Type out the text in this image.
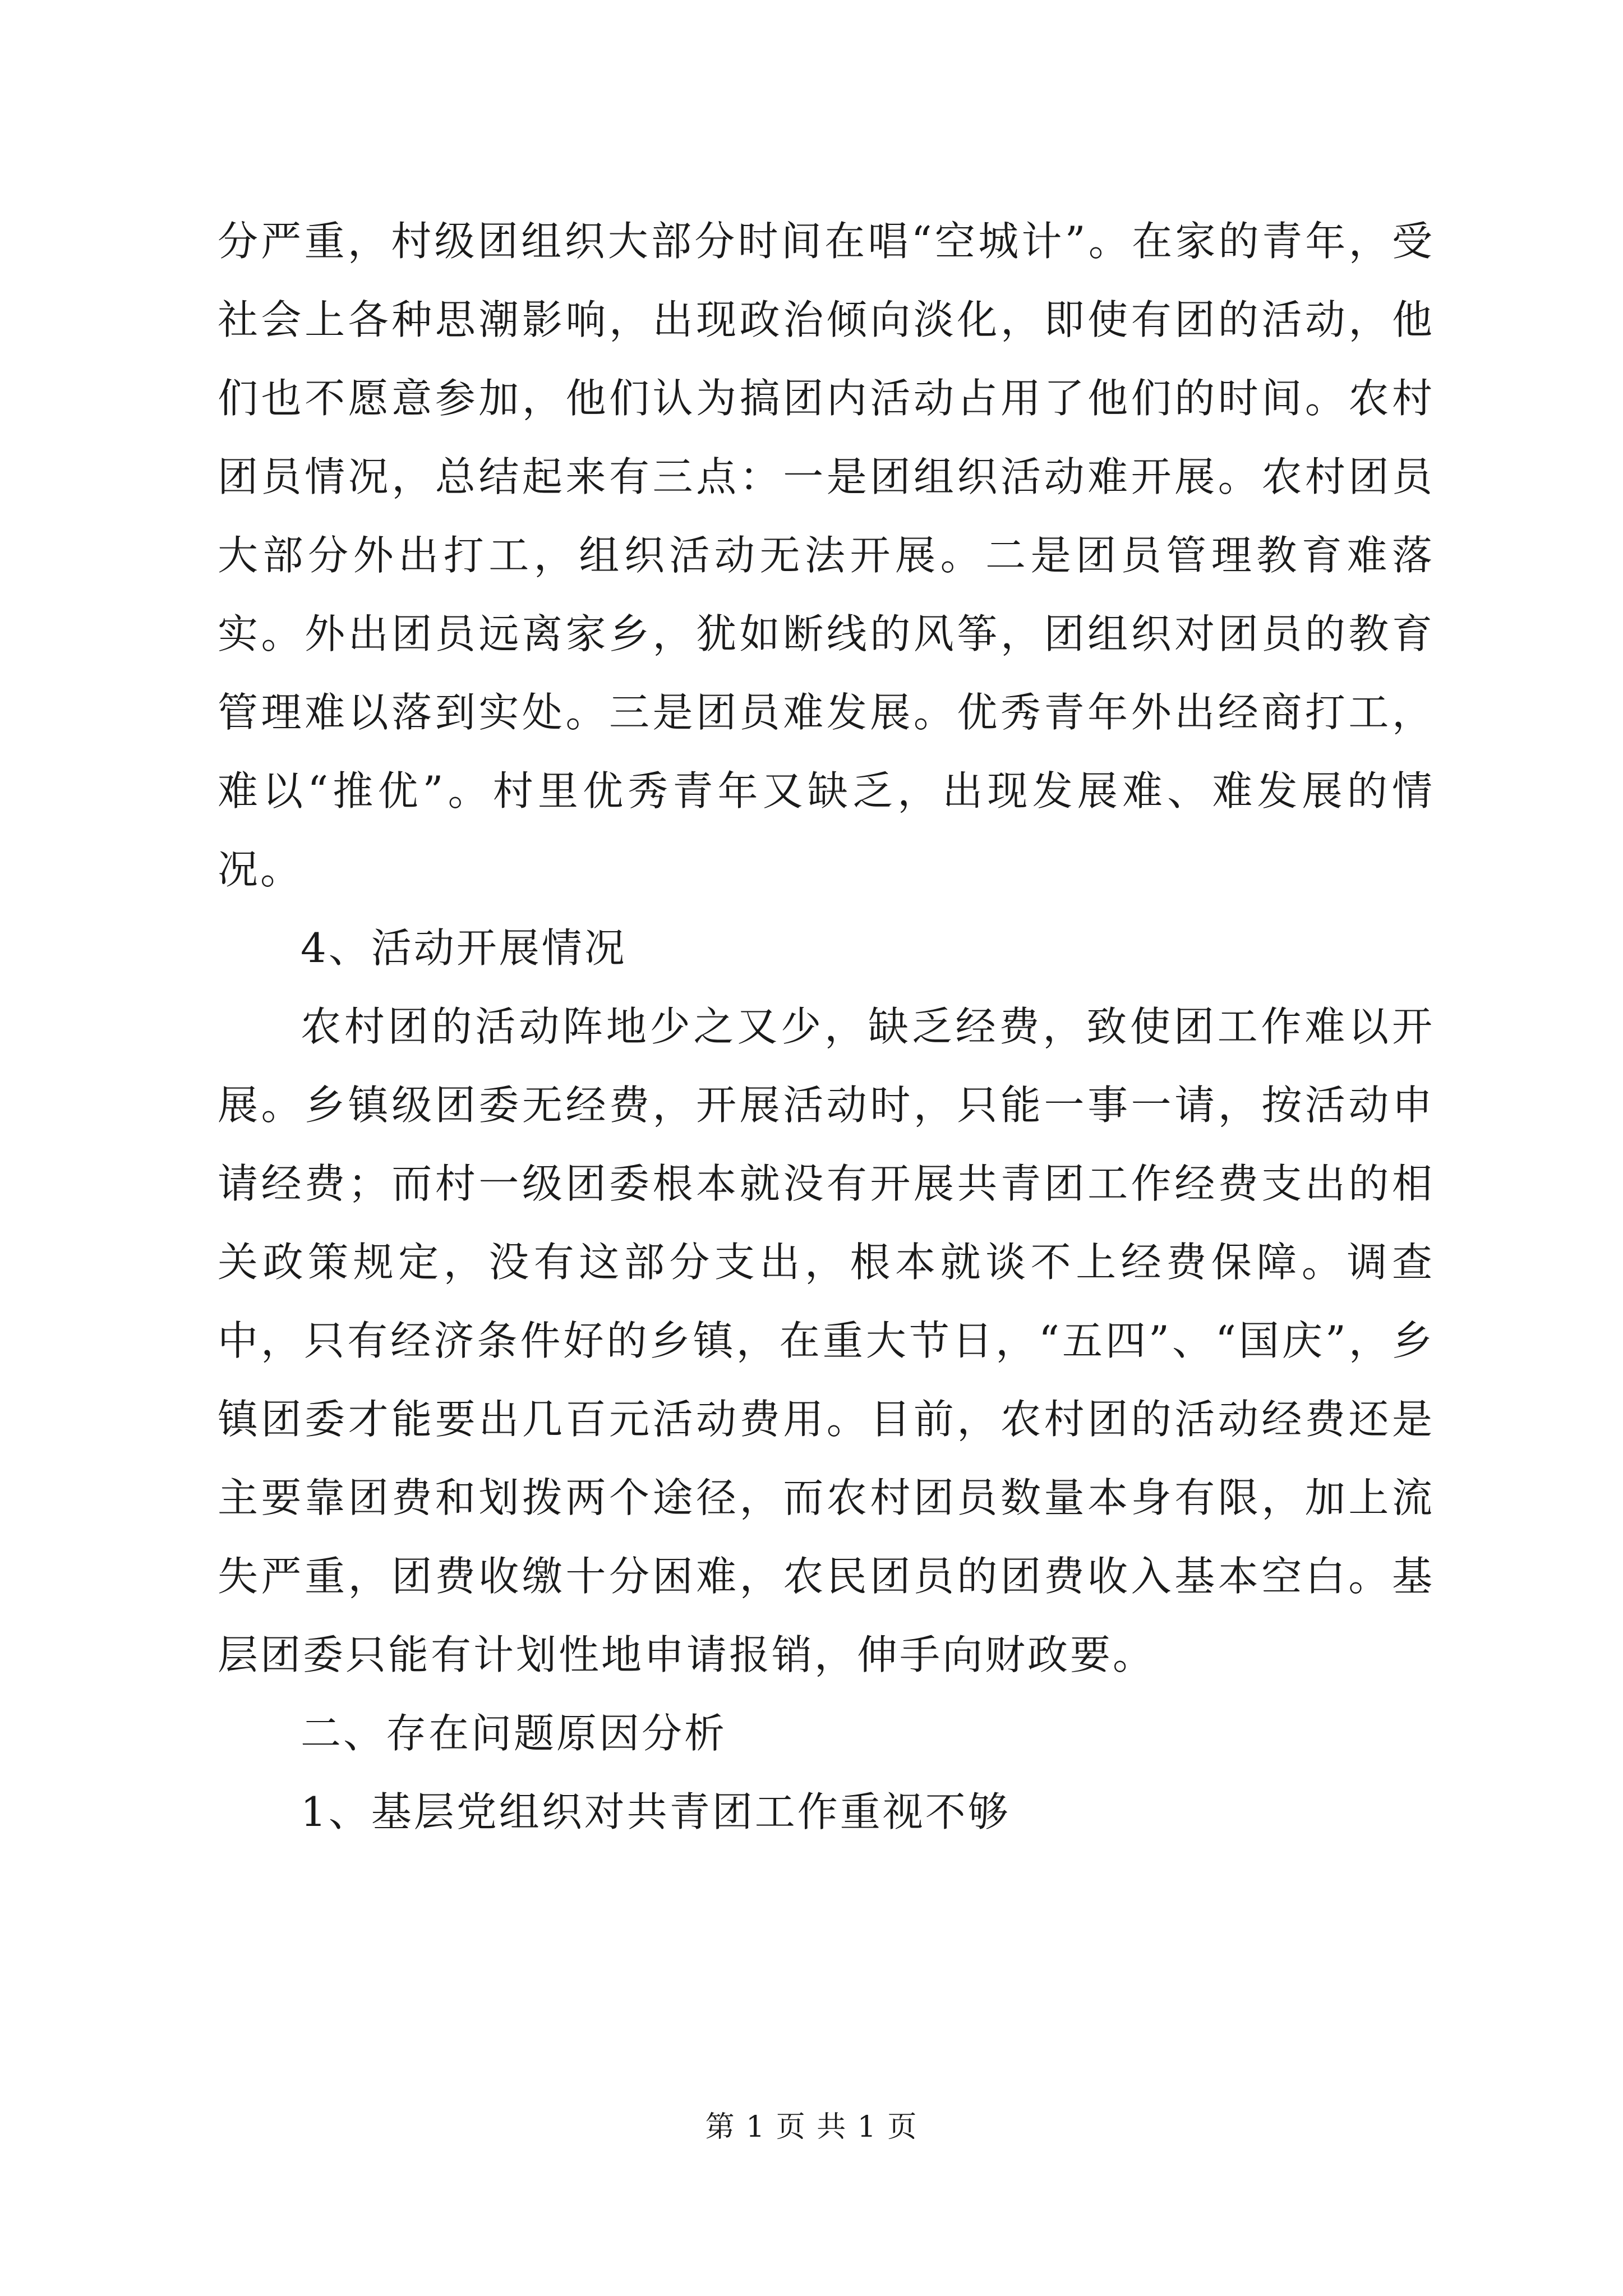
分严重，村级团组织大部分时间在唱“空城计”。在家的青年，受社会上各种思潮影响，出现政治倾向淡化，即使有团的活动，他们也不愿意参加，他们认为搞团内活动占用了他们的时间。农村团员情况，总结起来有三点：一是团组织活动难开展。农村团员大部分外出打工，组织活动无法开展。二是团员管理教育难落实。外出团员远离家乡，犹如断线的风筝，团组织对团员的教育管理难以落到实处。三是团员难发展。优秀青年外出经商打工，难以“推优”。村里优秀青年又缺乏，出现发展难、难发展的情况。

4、活动开展情况

农村团的活动阵地少之又少，缺乏经费，致使团工作难以开展。乡镇级团委无经费，开展活动时，只能一事一请，按活动申请经费；而村一级团委根本就没有开展共青团工作经费支出的相关政策规定，没有这部分支出，根本就谈不上经费保障。调查中，只有经济条件好的乡镇，在重大节日，“五四”、“国庆”，乡镇团委才能要出几百元活动费用。目前，农村团的活动经费还是主要靠团费和划拨两个途径，而农村团员数量本身有限，加上流失严重，团费收缴十分困难，农民团员的团费收入基本空白。基层团委只能有计划性地申请报销，伸手向财政要。

二、存在问题原因分析

1、基层党组织对共青团工作重视不够

第 1 页 共 1 页
